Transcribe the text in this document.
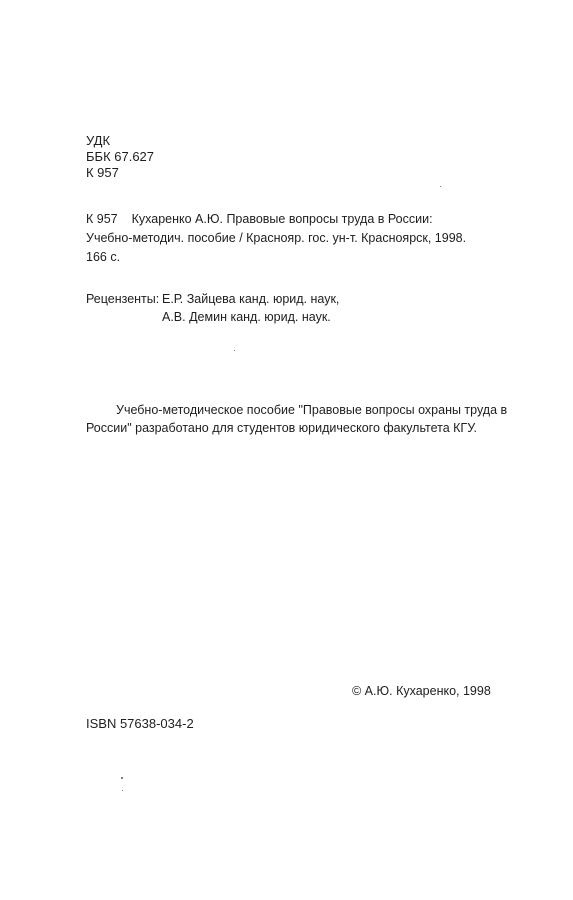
УДК
ББК 67.627
К 957
К 957 Кухаренко А.Ю. Правовые вопросы труда в России:
Учебно-методич. пособие / Краснояр. гос. ун-т. Красноярск, 1998.
166 с.
Рецензенты: Е.Р. Зайцева канд. юрид. наук,
А.В. Демин канд. юрид. наук.

Учебно-методическое пособие "Правовые вопросы охраны труда в России" разработано для студентов юридического факультета КГУ.

© А.Ю. Кухаренко, 1998
ISBN 57638-034-2
